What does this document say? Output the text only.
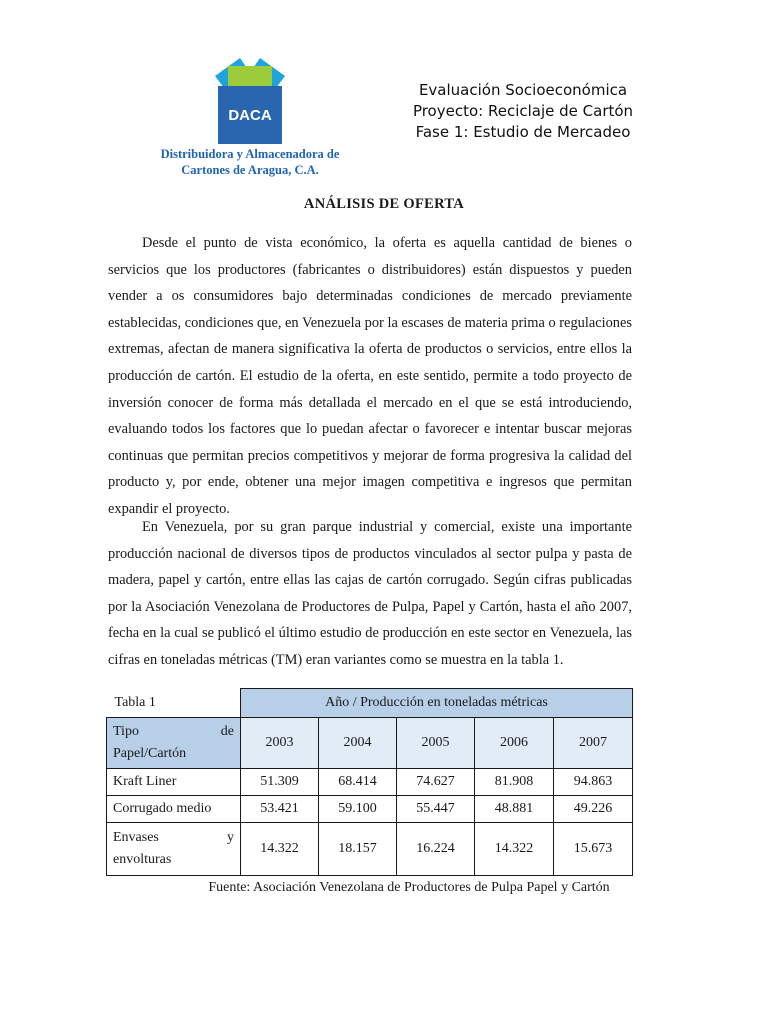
DACA
Distribuidora y Almacenadora de
Cartones de Aragua, C.A.
Evaluación Socioeconómica
Proyecto: Reciclaje de Cartón
Fase 1: Estudio de Mercadeo
ANÁLISIS DE OFERTA

Desde el punto de vista económico, la oferta es aquella cantidad de bienes o servicios que los productores (fabricantes o distribuidores) están dispuestos y pueden vender a os consumidores bajo determinadas condiciones de mercado previamente establecidas, condiciones que, en Venezuela por la escases de materia prima o regulaciones extremas, afectan de manera significativa la oferta de productos o servicios, entre ellos la producción de cartón. El estudio de la oferta, en este sentido, permite a todo proyecto de inversión conocer de forma más detallada el mercado en el que se está introduciendo, evaluando todos los factores que lo puedan afectar o favorecer e intentar buscar mejoras continuas que permitan precios competitivos y mejorar de forma progresiva la calidad del producto y, por ende, obtener una mejor imagen competitiva e ingresos que permitan expandir el proyecto.

En Venezuela, por su gran parque industrial y comercial, existe una importante producción nacional de diversos tipos de productos vinculados al sector pulpa y pasta de madera, papel y cartón, entre ellas las cajas de cartón corrugado. Según cifras publicadas por la Asociación Venezolana de Productores de Pulpa, Papel y Cartón, hasta el año 2007, fecha en la cual se publicó el último estudio de producción en este sector en Venezuela, las cifras en toneladas métricas (TM) eran variantes como se muestra en la tabla 1.

Tabla 1	Año / Producción en toneladas métricas				

Tipo de
Papel/Cartón	2003	2004	2005	2006	2007
Kraft Liner	51.309	68.414	74.627	81.908	94.863
Corrugado medio	53.421	59.100	55.447	48.881	49.226

Envases y
envolturas	14.322	18.157	16.224	14.322	15.673
Fuente: Asociación Venezolana de Productores de Pulpa Papel y Cartón
